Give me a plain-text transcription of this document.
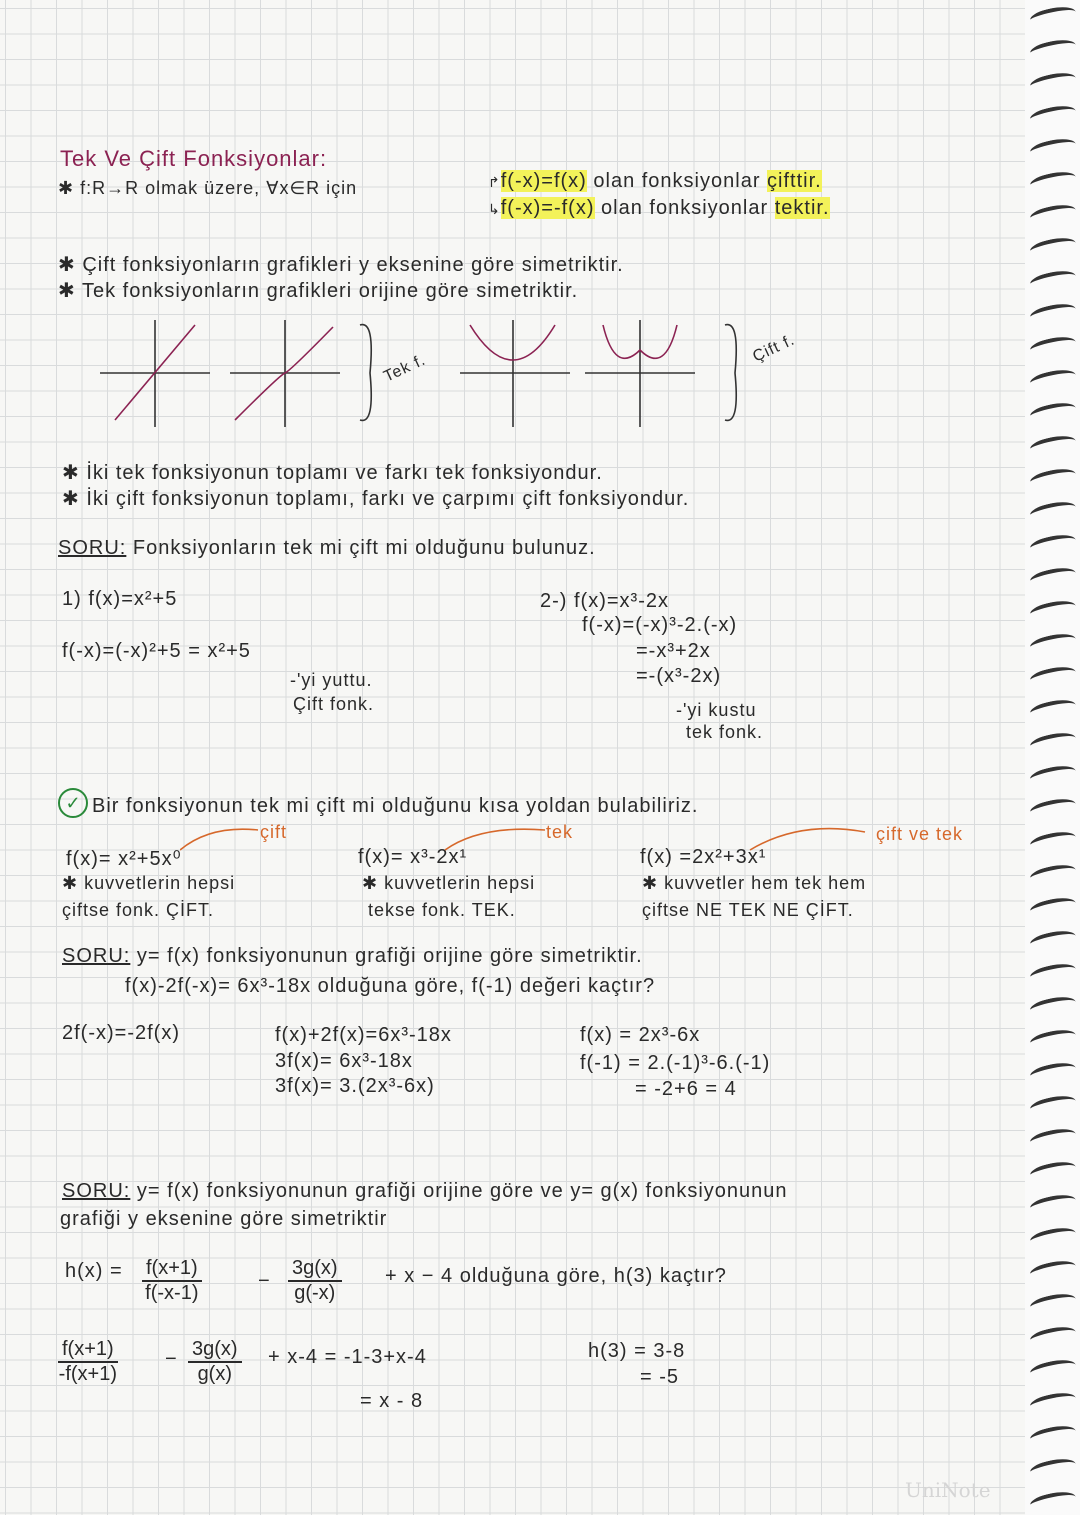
Tek Ve Çift Fonksiyonlar:
✱ f:R→R olmak üzere, ∀x∈R için	↱f(-x)=f(x) olan fonksiyonlar çifttir.
↳f(-x)=-f(x) olan fonksiyonlar tektir.
✱ Çift fonksiyonların grafikleri y eksenine göre simetriktir.
✱ Tek fonksiyonların grafikleri orijine göre simetriktir.
Tek f.
Çift f.
✱ İki tek fonksiyonun toplamı ve farkı tek fonksiyondur.
✱ İki çift fonksiyonun toplamı, farkı ve çarpımı çift fonksiyondur.
SORU: Fonksiyonların tek mi çift mi olduğunu bulunuz.
1) f(x)=x²+5
f(-x)=(-x)²+5 = x²+5
-'yi yuttu.
Çift fonk.
2-) f(x)=x³-2x
f(-x)=(-x)³-2.(-x)
=-x³+2x
=-(x³-2x)
-'yi kustu
tek fonk.
✓ Bir fonksiyonun tek mi çift mi olduğunu kısa yoldan bulabiliriz.
çift
f(x)= x²+5x⁰
✱ kuvvetlerin hepsi
çiftse fonk. ÇİFT.
tek
f(x)= x³-2x¹
✱ kuvvetlerin hepsi
tekse fonk. TEK.
çift ve tek
f(x) =2x²+3x¹
✱ kuvvetler hem tek hem
çiftse NE TEK NE ÇİFT.
SORU: y= f(x) fonksiyonunun grafiği orijine göre simetriktir.
f(x)-2f(-x)= 6x³-18x olduğuna göre, f(-1) değeri kaçtır?
2f(-x)=-2f(x)	f(x)+2f(x)=6x³-18x
3f(x)= 6x³-18x
3f(x)= 3.(2x³-6x)
f(x) = 2x³-6x
f(-1) = 2.(-1)³-6.(-1)
= -2+6 = 4
SORU: y= f(x) fonksiyonunun grafiği orijine göre ve y= g(x) fonksiyonunun
grafiği y eksenine göre simetriktir
$h(x) = \frac{f(x+1)}{f(-x-1)}$	− $\frac{3g(x)}{g(-x)} + x - 4$ olduğuna göre, h(3) kaçtır?
$\frac{f(x+1)}{-f(x+1)} - \frac{3g(x)}{g(x)} + x-4 = -1-3+x-4$
= x - 8
h(3) = 3-8
= -5
UniNote
